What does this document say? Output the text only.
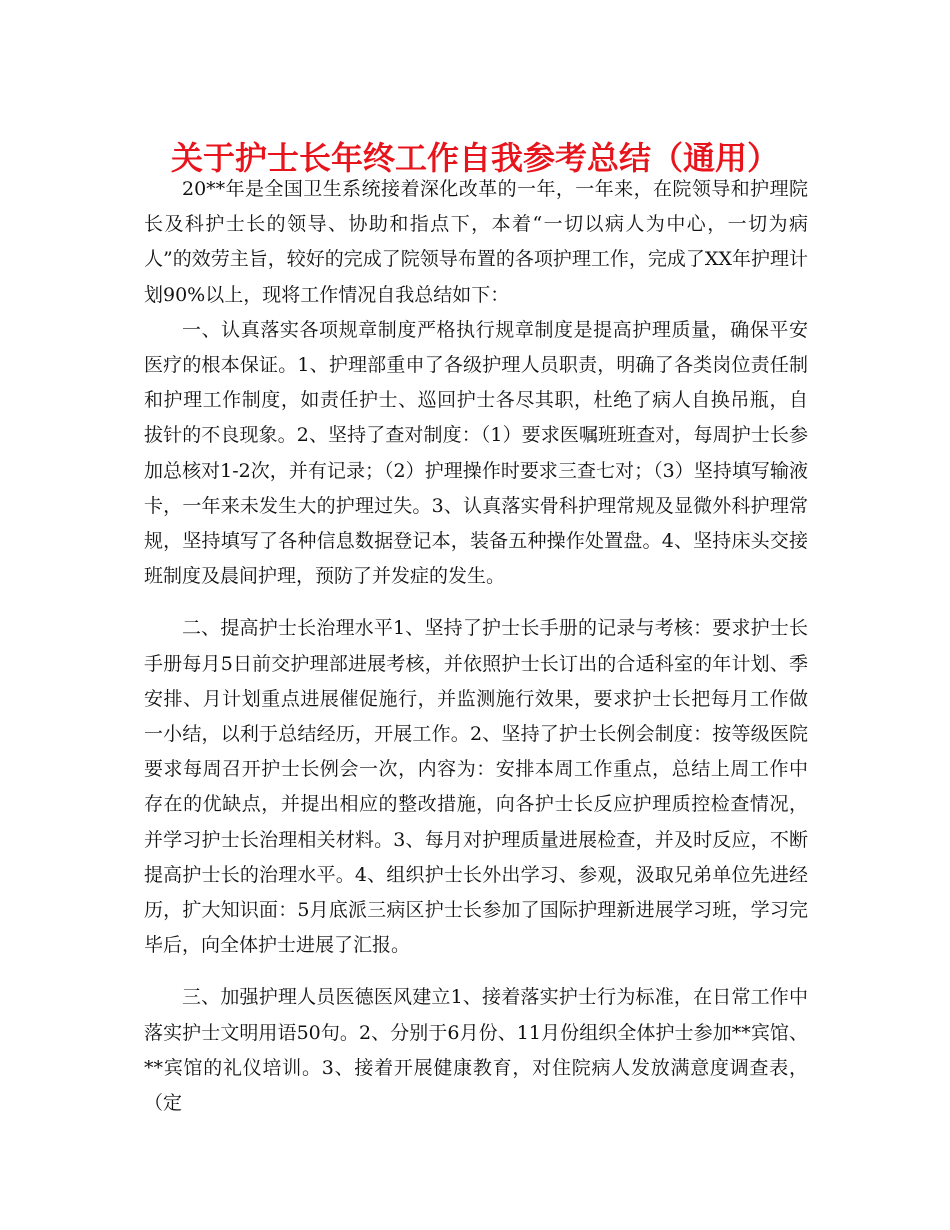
关于护士长年终工作自我参考总结（通用）

20**年是全国卫生系统接着深化改革的一年，一年来，在院领导和护理院长及科护士长的领导、协助和指点下，本着“一切以病人为中心，一切为病人”的效劳主旨，较好的完成了院领导布置的各项护理工作，完成了XX年护理计划90%以上，现将工作情况自我总结如下：

一、认真落实各项规章制度严格执行规章制度是提高护理质量，确保平安医疗的根本保证。1、护理部重申了各级护理人员职责，明确了各类岗位责任制和护理工作制度，如责任护士、巡回护士各尽其职，杜绝了病人自换吊瓶，自拔针的不良现象。2、坚持了查对制度：（1）要求医嘱班班查对，每周护士长参加总核对1-2次，并有记录；（2）护理操作时要求三查七对；（3）坚持填写输液卡，一年来未发生大的护理过失。3、认真落实骨科护理常规及显微外科护理常规，坚持填写了各种信息数据登记本，装备五种操作处置盘。4、坚持床头交接班制度及晨间护理，预防了并发症的发生。

二、提高护士长治理水平1、坚持了护士长手册的记录与考核：要求护士长手册每月5日前交护理部进展考核，并依照护士长订出的合适科室的年计划、季安排、月计划重点进展催促施行，并监测施行效果，要求护士长把每月工作做一小结，以利于总结经历，开展工作。2、坚持了护士长例会制度：按等级医院要求每周召开护士长例会一次，内容为：安排本周工作重点，总结上周工作中存在的优缺点，并提出相应的整改措施，向各护士长反应护理质控检查情况，并学习护士长治理相关材料。3、每月对护理质量进展检查，并及时反应，不断提高护士长的治理水平。4、组织护士长外出学习、参观，汲取兄弟单位先进经历，扩大知识面：5月底派三病区护士长参加了国际护理新进展学习班，学习完毕后，向全体护士进展了汇报。

三、加强护理人员医德医风建立1、接着落实护士行为标准，在日常工作中落实护士文明用语50句。2、分别于6月份、11月份组织全体护士参加**宾馆、**宾馆的礼仪培训。3、接着开展健康教育，对住院病人发放满意度调查表，（定
